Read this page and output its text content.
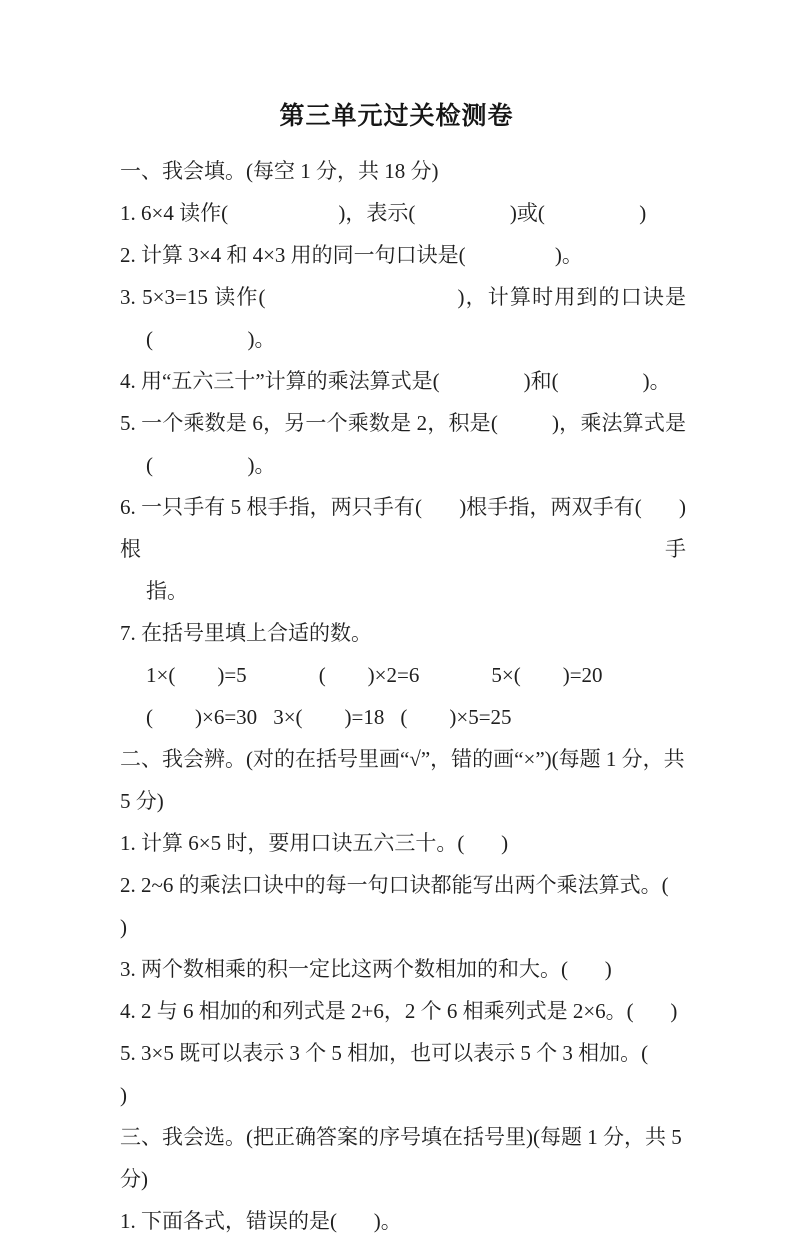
第三单元过关检测卷
一、我会填。(每空 1 分，共 18 分)
1. 6×4 读作(                     )，表示(                  )或(                  )
2. 计算 3×4 和 4×3 用的同一句口诀是(                 )。
3. 5×3=15 读作(                              )，计算时用到的口诀是
(                  )。
4. 用“五六三十”计算的乘法算式是(                )和(                )。
5. 一个乘数是 6，另一个乘数是 2，积是(          )，乘法算式是
(                  )。
6. 一只手有 5 根手指，两只手有(       )根手指，两双手有(       )根手
指。
7. 在括号里填上合适的数。
1×(        )=5	(        )×2=6	5×(        )=20
(        )×6=30 3×(        )=18 (        )×5=25
二、我会辨。(对的在括号里画“√”，错的画“×”)(每题 1 分，共 5 分)
1. 计算 6×5 时，要用口诀五六三十。(       )
2. 2~6 的乘法口诀中的每一句口诀都能写出两个乘法算式。(      )
3. 两个数相乘的积一定比这两个数相加的和大。(       )
4. 2 与 6 相加的和列式是 2+6，2 个 6 相乘列式是 2×6。(       )
5. 3×5 既可以表示 3 个 5 相加，也可以表示 5 个 3 相加。(      )
三、我会选。(把正确答案的序号填在括号里)(每题 1 分，共 5 分)
1. 下面各式，错误的是(       )。
